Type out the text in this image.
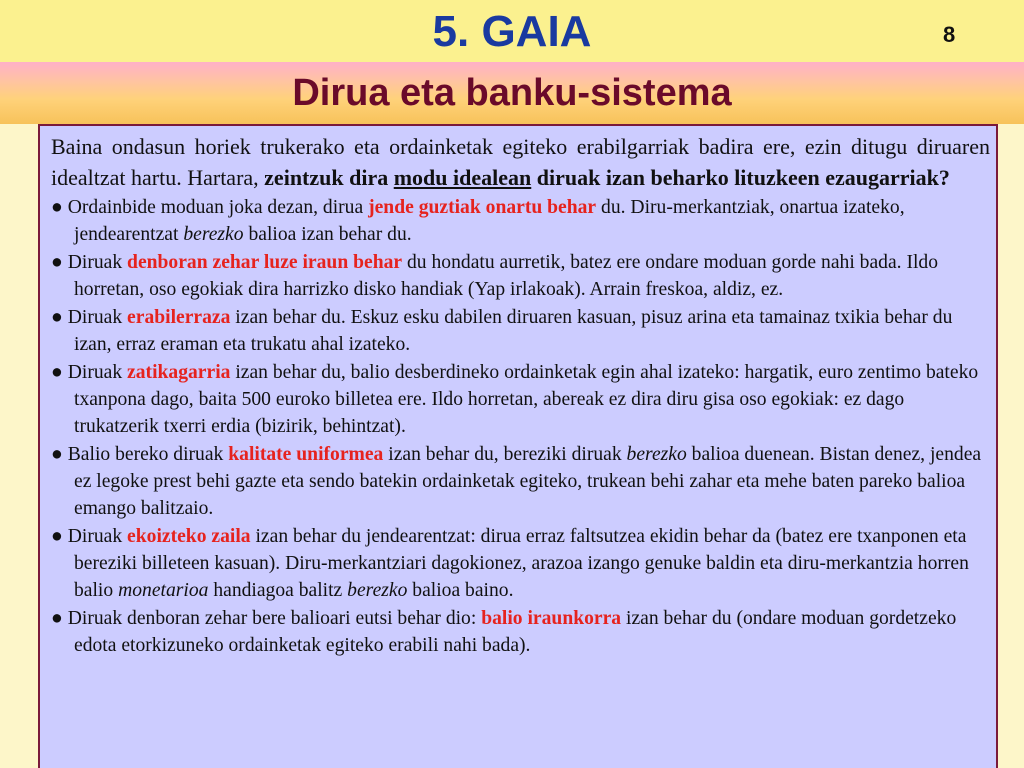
5. GAIA	8
Dirua eta banku-sistema

Baina ondasun horiek trukerako eta ordainketak egiteko erabilgarriak badira ere, ezin ditugu diruaren idealtzat hartu. Hartara, zeintzuk dira modu idealean diruak izan beharko lituzkeen ezaugarriak?

● Ordainbide moduan joka dezan, dirua jende guztiak onartu behar du. Diru-merkantziak, onartua izateko, jendearentzat berezko balioa izan behar du.

● Diruak denboran zehar luze iraun behar du hondatu aurretik, batez ere ondare moduan gorde nahi bada. Ildo horretan, oso egokiak dira harrizko disko handiak (Yap irlakoak). Arrain freskoa, aldiz, ez.

● Diruak erabilerraza izan behar du. Eskuz esku dabilen diruaren kasuan, pisuz arina eta tamainaz txikia behar du izan, erraz eraman eta trukatu ahal izateko.

● Diruak zatikagarria izan behar du, balio desberdineko ordainketak egin ahal izateko: hargatik, euro zentimo bateko txanpona dago, baita 500 euroko billetea ere. Ildo horretan, abereak ez dira diru gisa oso egokiak: ez dago trukatzerik txerri erdia (bizirik, behintzat).

● Balio bereko diruak kalitate uniformea izan behar du, bereziki diruak berezko balioa duenean. Bistan denez, jendea ez legoke prest behi gazte eta sendo batekin ordainketak egiteko, trukean behi zahar eta mehe baten pareko balioa emango balitzaio.

● Diruak ekoizteko zaila izan behar du jendearentzat: dirua erraz faltsutzea ekidin behar da (batez ere txanponen eta bereziki billeteen kasuan). Diru-merkantziari dagokionez, arazoa izango genuke baldin eta diru-merkantzia horren balio monetarioa handiagoa balitz berezko balioa baino.

● Diruak denboran zehar bere balioari eutsi behar dio: balio iraunkorra izan behar du (ondare moduan gordetzeko edota etorkizuneko ordainketak egiteko erabili nahi bada).
